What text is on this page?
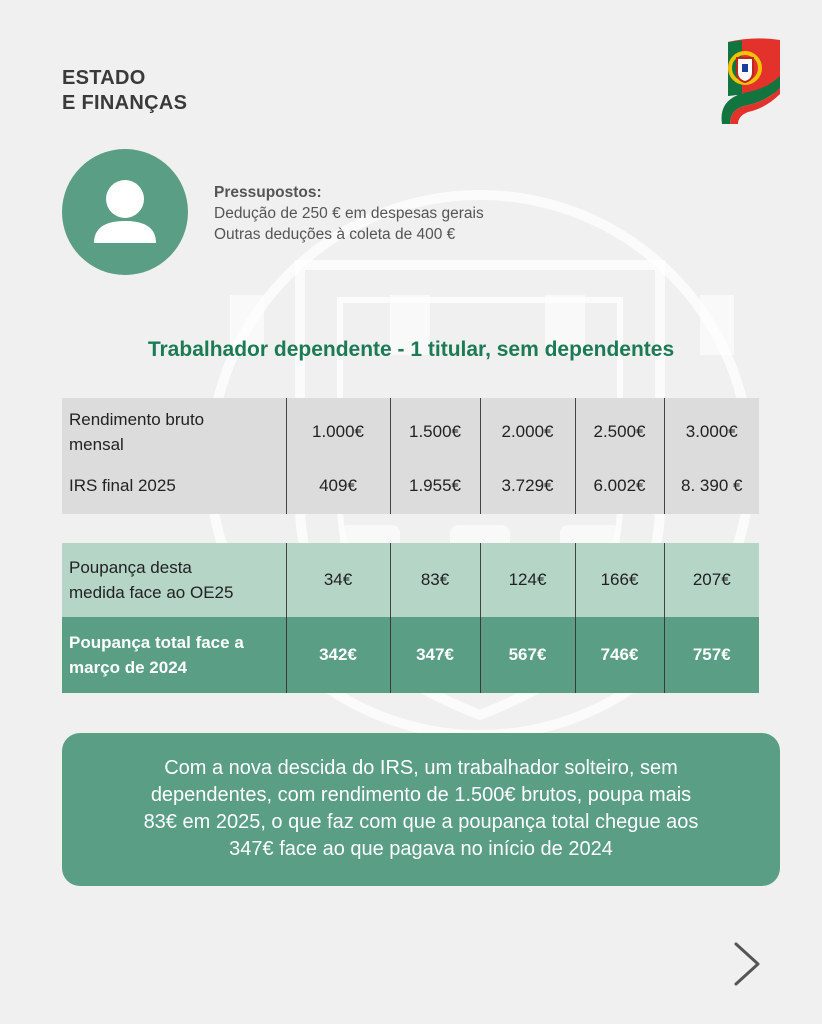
ESTADO
E FINANÇAS
Pressupostos:
Dedução de 250 € em despesas gerais
Outras deduções à coleta de 400 €
Trabalhador dependente - 1 titular, sem dependentes
Rendimento bruto
mensal	1.000€	1.500€	2.000€	2.500€	3.000€
IRS final 2025	409€	1.955€	3.729€	6.002€	8. 390 €
Poupança desta
medida face ao OE25	34€	83€	124€	166€	207€

Poupança total face a
março de 2024	342€	347€	567€	746€	757€
Com a nova descida do IRS, um trabalhador solteiro, sem
dependentes, com rendimento de 1.500€ brutos, poupa mais
83€ em 2025, o que faz com que a poupança total chegue aos
347€ face ao que pagava no início de 2024
